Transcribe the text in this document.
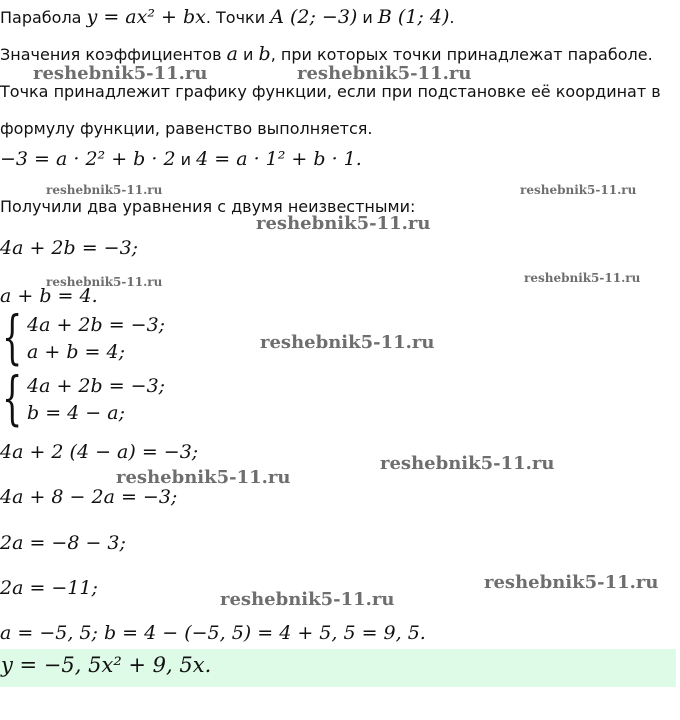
Парабола y = ax² + bx. Точки A (2; −3) и B (1; 4).
Значения коэффициентов a и b, при которых точки принадлежат параболе.
Точка принадлежит графику функции, если при подстановке её координат в
формулу функции, равенство выполняется.
−3 = a · 2² + b · 2 и 4 = a · 1² + b · 1.
Получили два уравнения с двумя неизвестными:
4a + 2b = −3;
a + b = 4.
{ 4a + 2b = −3;
a + b = 4;
{ 4a + 2b = −3;
b = 4 − a;
4a + 2 (4 − a) = −3;
4a + 8 − 2a = −3;
2a = −8 − 3;
2a = −11;
a = −5, 5; b = 4 − (−5, 5) = 4 + 5, 5 = 9, 5.
y = −5, 5x² + 9, 5x.
reshebnik5-11.ru	reshebnik5-11.ru
reshebnik5-11.ru	reshebnik5-11.ru
reshebnik5-11.ru
reshebnik5-11.ru	reshebnik5-11.ru
reshebnik5-11.ru
reshebnik5-11.ru
reshebnik5-11.ru
reshebnik5-11.ru
reshebnik5-11.ru
